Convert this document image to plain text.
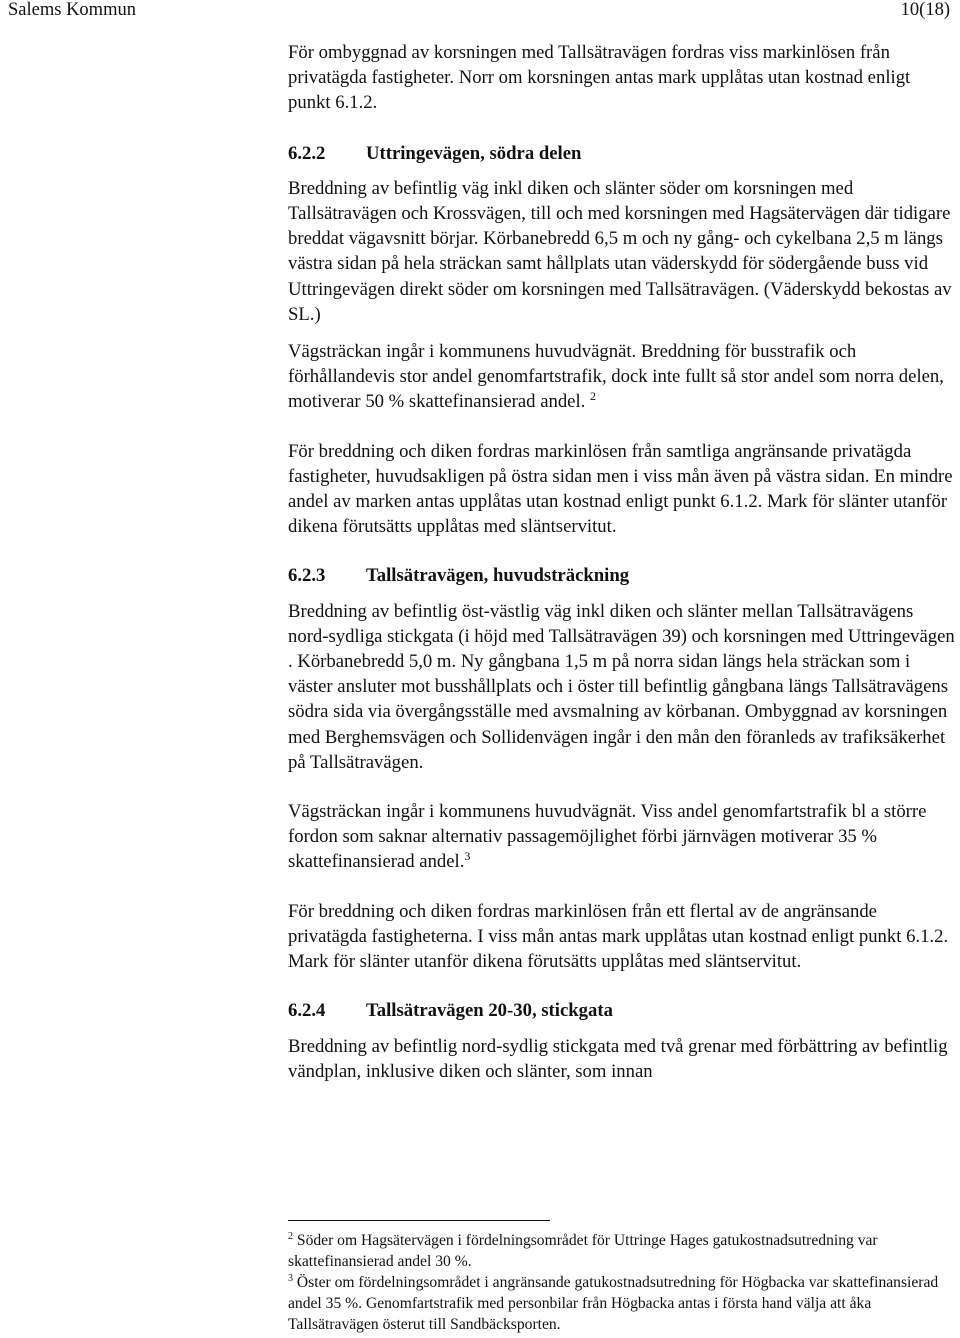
Salems Kommun	10(18)

För ombyggnad av korsningen med Tallsätravägen fordras viss markinlösen från privatägda fastigheter. Norr om korsningen antas mark upplåtas utan kostnad enligt punkt 6.1.2.

6.2.2	Uttringevägen, södra delen

Breddning av befintlig väg inkl diken och slänter söder om korsningen med Tallsätravägen och Krossvägen, till och med korsningen med Hagsätervägen där tidigare breddat vägavsnitt börjar. Körbanebredd 6,5 m och ny gång- och cykelbana 2,5 m längs västra sidan på hela sträckan samt hållplats utan väderskydd för södergående buss vid Uttringevägen direkt söder om korsningen med Tallsätravägen. (Väderskydd bekostas av SL.)

Vägsträckan ingår i kommunens huvudvägnät. Breddning för busstrafik och förhållandevis stor andel genomfartstrafik, dock inte fullt så stor andel som norra delen, motiverar 50 % skattefinansierad andel. $^2$

För breddning och diken fordras markinlösen från samtliga angränsande privatägda fastigheter, huvudsakligen på östra sidan men i viss mån även på västra sidan. En mindre andel av marken antas upplåtas utan kostnad enligt punkt 6.1.2. Mark för slänter utanför dikena förutsätts upplåtas med släntservitut.

6.2.3	Tallsätravägen, huvudsträckning

Breddning av befintlig öst-västlig väg inkl diken och slänter mellan Tallsätravägens nord-sydliga stickgata (i höjd med Tallsätravägen 39) och korsningen med Uttringevägen . Körbanebredd 5,0 m. Ny gångbana 1,5 m på norra sidan längs hela sträckan som i väster ansluter mot busshållplats och i öster till befintlig gångbana längs Tallsätravägens södra sida via övergångsställe med avsmalning av körbanan. Ombyggnad av korsningen med Berghemsvägen och Sollidenvägen ingår i den mån den föranleds av trafiksäkerhet på Tallsätravägen.

Vägsträckan ingår i kommunens huvudvägnät. Viss andel genomfartstrafik bl a större fordon som saknar alternativ passagemöjlighet förbi järnvägen motiverar 35 % skattefinansierad andel.$^3$

För breddning och diken fordras markinlösen från ett flertal av de angränsande privatägda fastigheterna. I viss mån antas mark upplåtas utan kostnad enligt punkt 6.1.2. Mark för slänter utanför dikena förutsätts upplåtas med släntservitut.

6.2.4	Tallsätravägen 20-30, stickgata

Breddning av befintlig nord-sydlig stickgata med två grenar med förbättring av befintlig vändplan, inklusive diken och slänter, som innan

$^2$ Söder om Hagsätervägen i fördelningsområdet för Uttringe Hages gatukostnadsutredning var skattefinansierad andel 30 %.

$^3$ Öster om fördelningsområdet i angränsande gatukostnadsutredning för Högbacka var skattefinansierad andel 35 %. Genomfartstrafik med personbilar från Högbacka antas i första hand välja att åka Tallsätravägen österut till Sandbäcksporten.
